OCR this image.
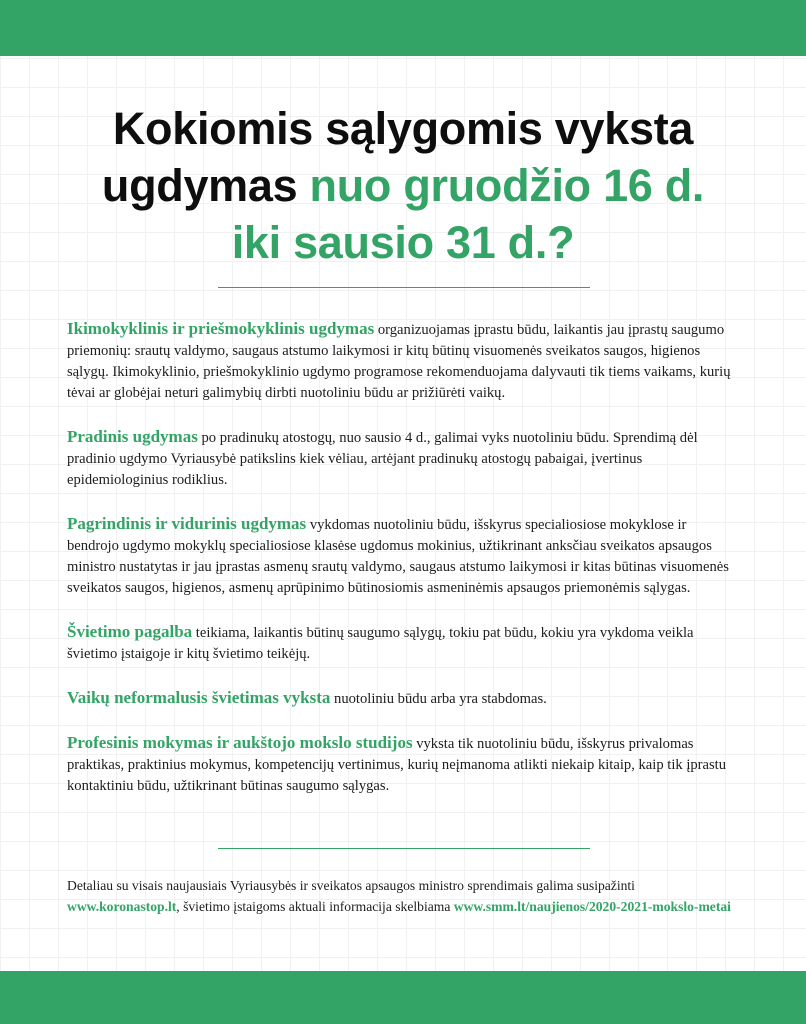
Kokiomis sąlygomis vyksta
ugdymas nuo gruodžio 16 d.
iki sausio 31 d.?

Ikimokyklinis ir priešmokyklinis ugdymas organizuojamas įprastu būdu, laikantis jau įprastų saugumo priemonių: srautų valdymo, saugaus atstumo laikymosi ir kitų būtinų visuomenės sveikatos saugos, higienos sąlygų. Ikimokyklinio, priešmokyklinio ugdymo programose rekomenduojama dalyvauti tik tiems vaikams, kurių tėvai ar globėjai neturi galimybių dirbti nuotoliniu būdu ar prižiūrėti vaikų.

Pradinis ugdymas po pradinukų atostogų, nuo sausio 4 d., galimai vyks nuotoliniu būdu. Sprendimą dėl pradinio ugdymo Vyriausybė patikslins kiek vėliau, artėjant pradinukų atostogų pabaigai, įvertinus epidemiologinius rodiklius.

Pagrindinis ir vidurinis ugdymas vykdomas nuotoliniu būdu, išskyrus specialiosiose mokyklose ir bendrojo ugdymo mokyklų specialiosiose klasėse ugdomus mokinius, užtikrinant anksčiau sveikatos apsaugos ministro nustatytas ir jau įprastas asmenų srautų valdymo, saugaus atstumo laikymosi ir kitas būtinas visuomenės sveikatos saugos, higienos, asmenų aprūpinimo būtinosiomis asmeninėmis apsaugos priemonėmis sąlygas.

Švietimo pagalba teikiama, laikantis būtinų saugumo sąlygų, tokiu pat būdu, kokiu yra vykdoma veikla švietimo įstaigoje ir kitų švietimo teikėjų.

Vaikų neformalusis švietimas vyksta nuotoliniu būdu arba yra stabdomas.

Profesinis mokymas ir aukštojo mokslo studijos vyksta tik nuotoliniu būdu, išskyrus privalomas praktikas, praktinius mokymus, kompetencijų vertinimus, kurių neįmanoma atlikti niekaip kitaip, kaip tik įprastu kontaktiniu būdu, užtikrinant būtinas saugumo sąlygas.

Detaliau su visais naujausiais Vyriausybės ir sveikatos apsaugos ministro sprendimais galima susipažinti www.koronastop.lt, švietimo įstaigoms aktuali informacija skelbiama www.smm.lt/naujienos/2020-2021-mokslo-metai
